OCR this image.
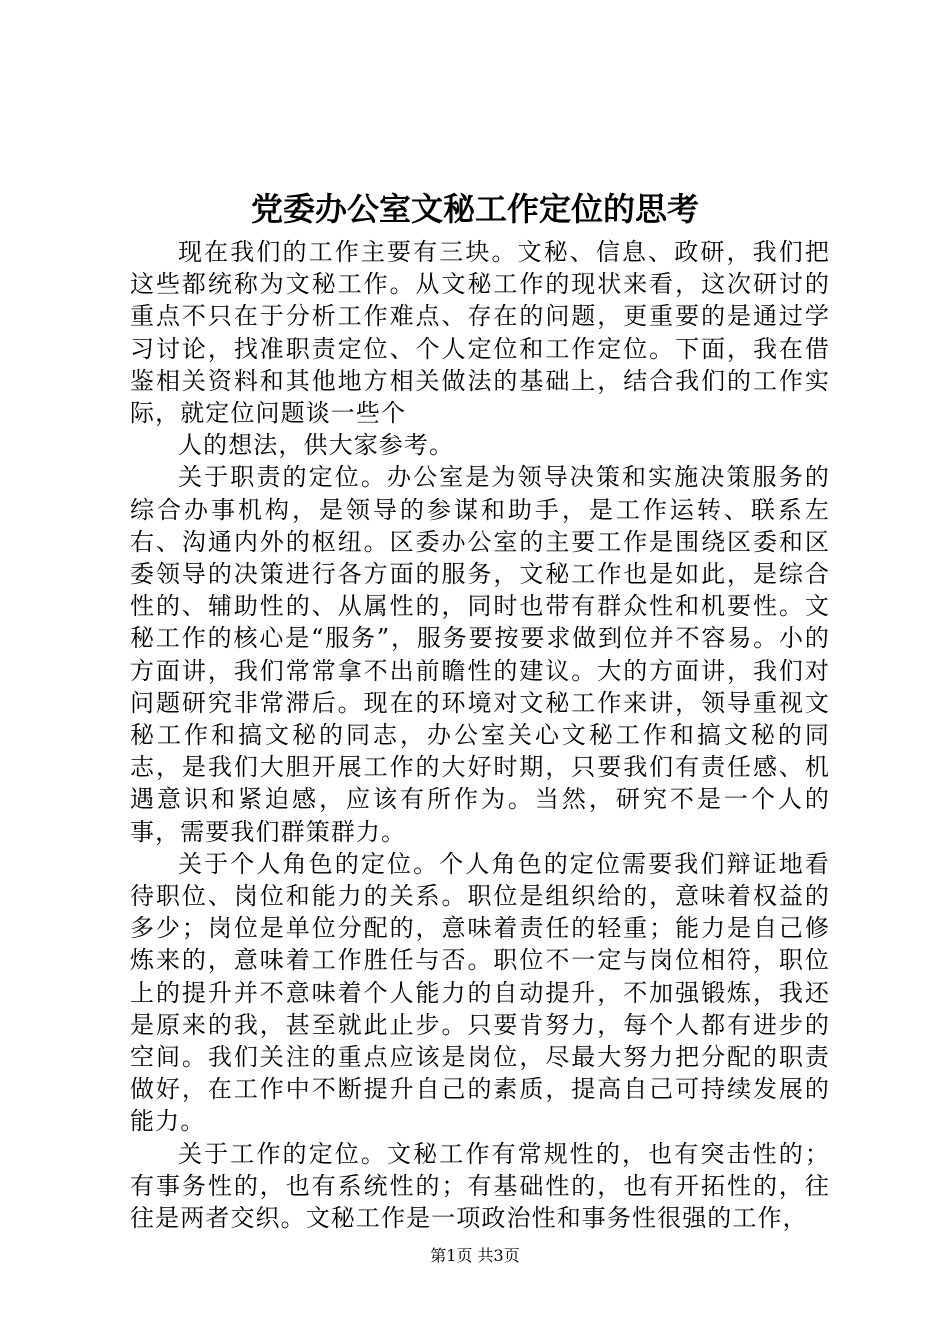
党委办公室文秘工作定位的思考

现在我们的工作主要有三块。文秘、信息、政研，我们把这些都统称为文秘工作。从文秘工作的现状来看，这次研讨的重点不只在于分析工作难点、存在的问题，更重要的是通过学习讨论，找准职责定位、个人定位和工作定位。下面，我在借鉴相关资料和其他地方相关做法的基础上，结合我们的工作实际，就定位问题谈一些个

人的想法，供大家参考。

关于职责的定位。办公室是为领导决策和实施决策服务的综合办事机构，是领导的参谋和助手，是工作运转、联系左右、沟通内外的枢纽。区委办公室的主要工作是围绕区委和区委领导的决策进行各方面的服务，文秘工作也是如此，是综合性的、辅助性的、从属性的，同时也带有群众性和机要性。文秘工作的核心是“服务”，服务要按要求做到位并不容易。小的方面讲，我们常常拿不出前瞻性的建议。大的方面讲，我们对问题研究非常滞后。现在的环境对文秘工作来讲，领导重视文秘工作和搞文秘的同志，办公室关心文秘工作和搞文秘的同志，是我们大胆开展工作的大好时期，只要我们有责任感、机遇意识和紧迫感，应该有所作为。当然，研究不是一个人的事，需要我们群策群力。

关于个人角色的定位。个人角色的定位需要我们辩证地看待职位、岗位和能力的关系。职位是组织给的，意味着权益的多少；岗位是单位分配的，意味着责任的轻重；能力是自己修炼来的，意味着工作胜任与否。职位不一定与岗位相符，职位上的提升并不意味着个人能力的自动提升，不加强锻炼，我还是原来的我，甚至就此止步。只要肯努力，每个人都有进步的空间。我们关注的重点应该是岗位，尽最大努力把分配的职责做好，在工作中不断提升自己的素质，提高自己可持续发展的能力。

关于工作的定位。文秘工作有常规性的，也有突击性的；有事务性的，也有系统性的；有基础性的，也有开拓性的，往往是两者交织。文秘工作是一项政治性和事务性很强的工作，

第1页 共3页
